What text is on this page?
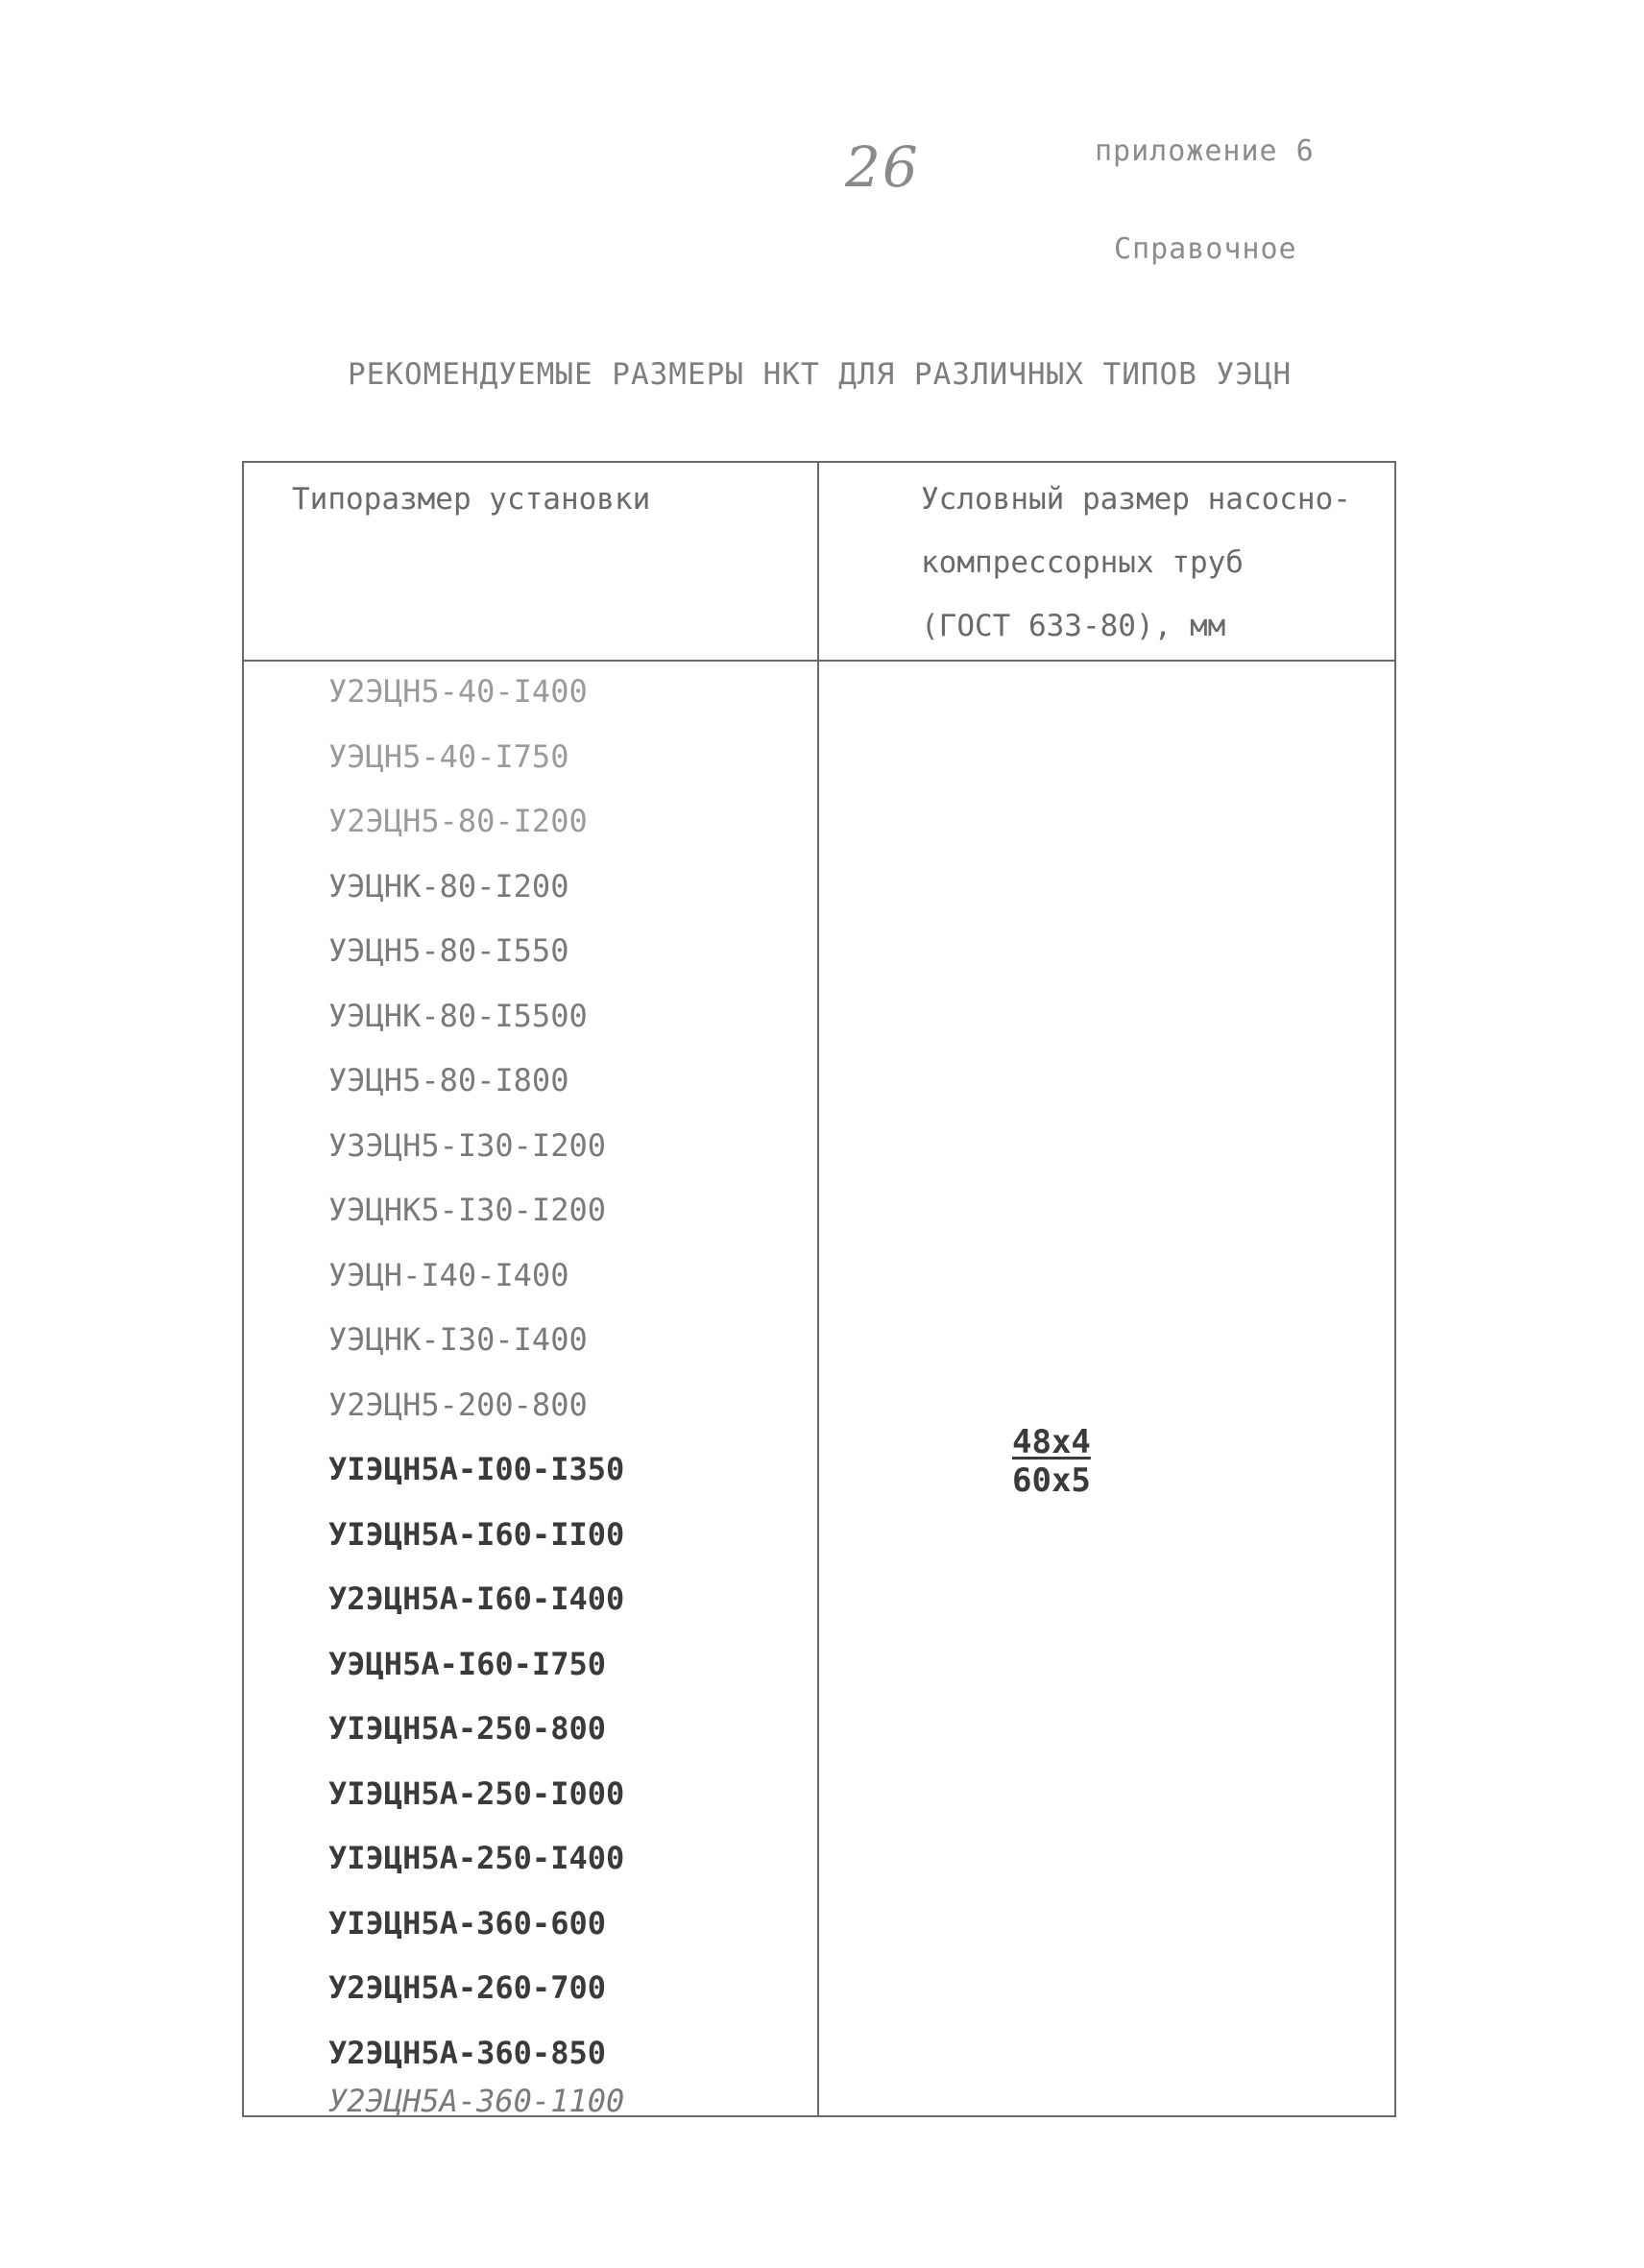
26	приложение 6
Справочное
РЕКОМЕНДУЕМЫЕ РАЗМЕРЫ НКТ ДЛЯ РАЗЛИЧНЫХ ТИПОВ УЭЦН
Типоразмер установки	Условный размер насосно-
компрессорных труб
(ГОСТ 633-80), мм
У2ЭЦН5-40-I400
УЭЦН5-40-I750
У2ЭЦН5-80-I200
УЭЦНК-80-I200
УЭЦН5-80-I550
УЭЦНК-80-I5500
УЭЦН5-80-I800
У3ЭЦН5-I30-I200
УЭЦНК5-I30-I200
УЭЦН-I40-I400
УЭЦНК-I30-I400
У2ЭЦН5-200-800
УIЭЦН5А-I00-I350
УIЭЦН5А-I60-II00
У2ЭЦН5А-I60-I400
УЭЦН5А-I60-I750
УIЭЦН5А-250-800
УIЭЦН5А-250-I000
УIЭЦН5А-250-I400
УIЭЦН5А-360-600
У2ЭЦН5А-260-700
У2ЭЦН5А-360-850
У2ЭЦН5А-360-1100
48x4
60x5
